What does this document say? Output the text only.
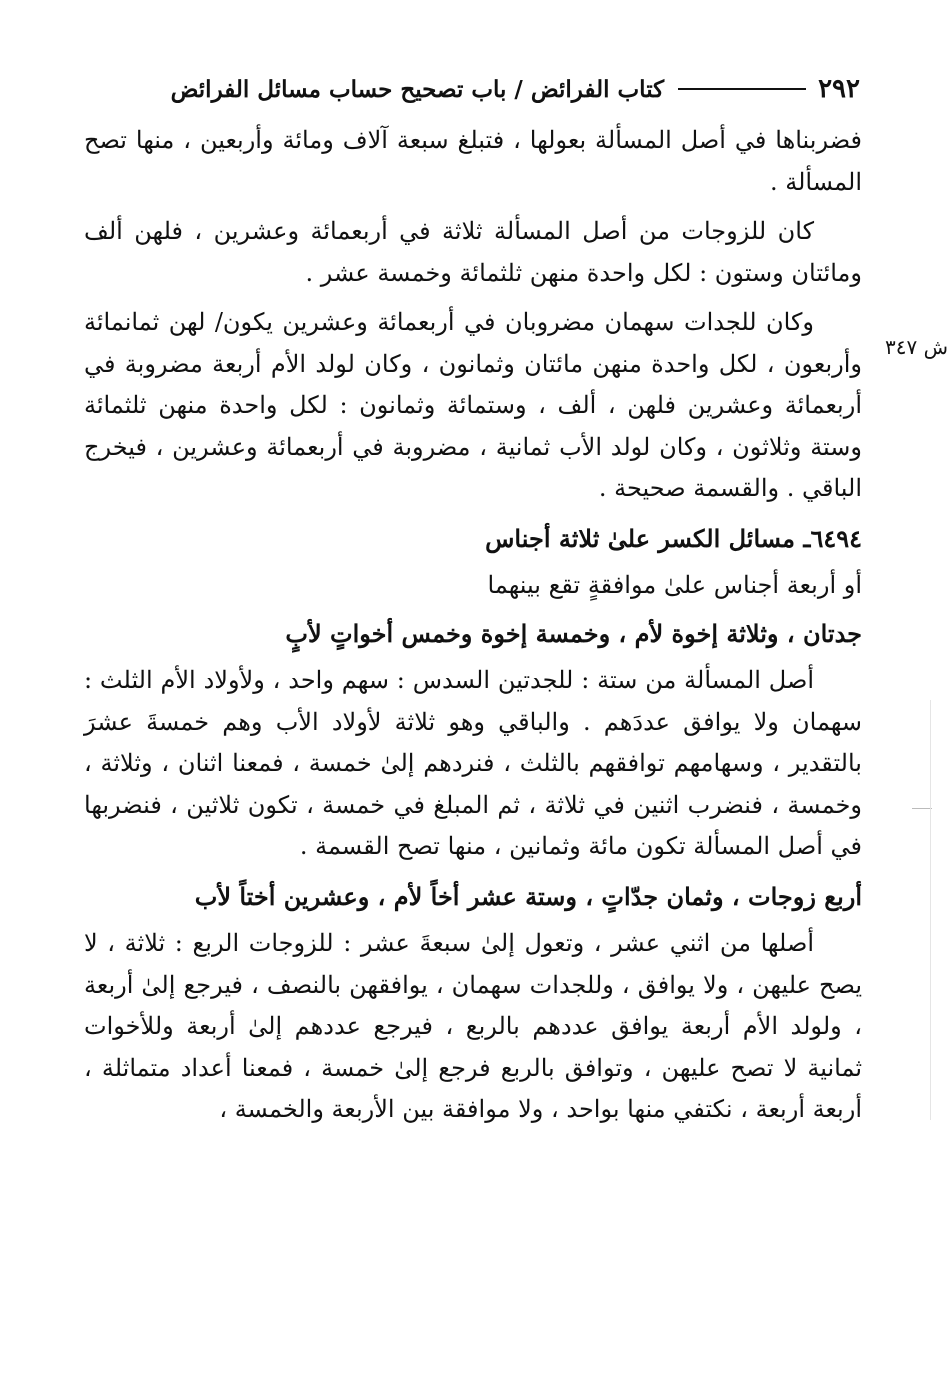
٢٩٢
كتاب الفرائض / باب تصحيح حساب مسائل الفرائض
ش ٣٤٧

فضربناها في أصل المسألة بعولها ، فتبلغ سبعة آلاف ومائة وأربعين ، منها تصح المسألة .

كان للزوجات من أصل المسألة ثلاثة في أربعمائة وعشرين ، فلهن ألف ومائتان وستون : لكل واحدة منهن ثلثمائة وخمسة عشر .

وكان للجدات سهمان مضروبان في أربعمائة وعشرين يكون/ لهن ثمانمائة وأربعون ، لكل واحدة منهن مائتان وثمانون ، وكان لولد الأم أربعة مضروبة في أربعمائة وعشرين فلهن ، ألف ، وستمائة وثمانون : لكل واحدة منهن ثلثمائة وستة وثلاثون ، وكان لولد الأب ثمانية ، مضروبة في أربعمائة وعشرين ، فيخرج الباقي . والقسمة صحيحة .

٦٤٩٤ـ مسائل الكسر علىٰ ثلاثة أجناس

أو أربعة أجناس علىٰ موافقةٍ تقع بينهما

جدتان ، وثلاثة إخوة لأم ، وخمسة إخوة وخمس أخواتٍ لأبٍ

أصل المسألة من ستة : للجدتين السدس : سهم واحد ، ولأولاد الأم الثلث : سهمان ولا يوافق عددَهم . والباقي وهو ثلاثة لأولاد الأب وهم خمسةَ عشرَ بالتقدير ، وسهامهم توافقهم بالثلث ، فنردهم إلىٰ خمسة ، فمعنا اثنان ، وثلاثة ، وخمسة ، فنضرب اثنين في ثلاثة ، ثم المبلغ في خمسة ، تكون ثلاثين ، فنضربها في أصل المسألة تكون مائة وثمانين ، منها تصح القسمة .

أربع زوجات ، وثمان جدّاتٍ ، وستة عشر أخاً لأم ، وعشرين أختاً لأب

أصلها من اثني عشر ، وتعول إلىٰ سبعةَ عشر : للزوجات الربع : ثلاثة ، لا يصح عليهن ، ولا يوافق ، وللجدات سهمان ، يوافقهن بالنصف ، فيرجع إلىٰ أربعة ، ولولد الأم أربعة يوافق عددهم بالربع ، فيرجع عددهم إلىٰ أربعة وللأخوات ثمانية لا تصح عليهن ، وتوافق بالربع فرجع إلىٰ خمسة ، فمعنا أعداد متماثلة ، أربعة أربعة ، نكتفي منها بواحد ، ولا موافقة بين الأربعة والخمسة ،
